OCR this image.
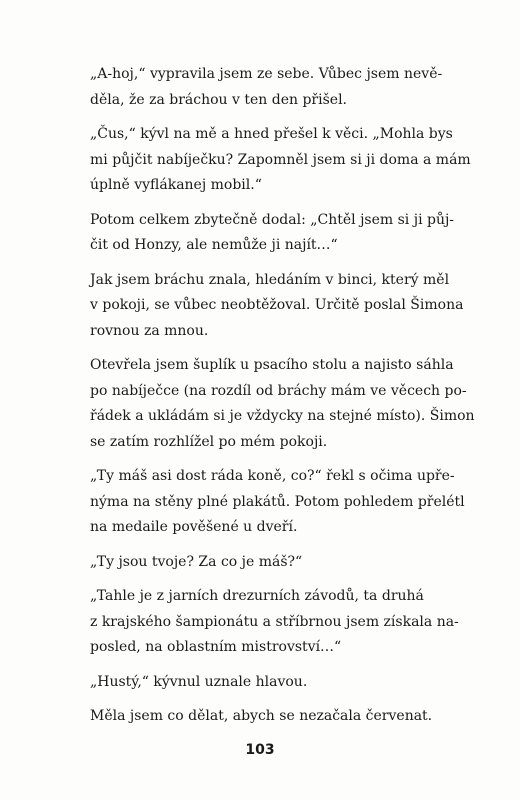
„A-hoj,“ vypravila jsem ze sebe. Vůbec jsem nevě-
děla, že za bráchou v ten den přišel.
„Čus,“ kývl na mě a hned přešel k věci. „Mohla bys
mi půjčit nabíječku? Zapomněl jsem si ji doma a mám
úplně vyflákanej mobil.“
Potom celkem zbytečně dodal: „Chtěl jsem si ji půj-
čit od Honzy, ale nemůže ji najít…“
Jak jsem bráchu znala, hledáním v binci, který měl
v pokoji, se vůbec neobtěžoval. Určitě poslal Šimona
rovnou za mnou.
Otevřela jsem šuplík u psacího stolu a najisto sáhla
po nabíječce (na rozdíl od bráchy mám ve věcech po-
řádek a ukládám si je vždycky na stejné místo). Šimon
se zatím rozhlížel po mém pokoji.
„Ty máš asi dost ráda koně, co?“ řekl s očima upře-
nýma na stěny plné plakátů. Potom pohledem přelétl
na medaile pověšené u dveří.
„Ty jsou tvoje? Za co je máš?“
„Tahle je z jarních drezurních závodů, ta druhá
z krajského šampionátu a stříbrnou jsem získala na-
posled, na oblastním mistrovství…“
„Hustý,“ kývnul uznale hlavou.
Měla jsem co dělat, abych se nezačala červenat.
103
